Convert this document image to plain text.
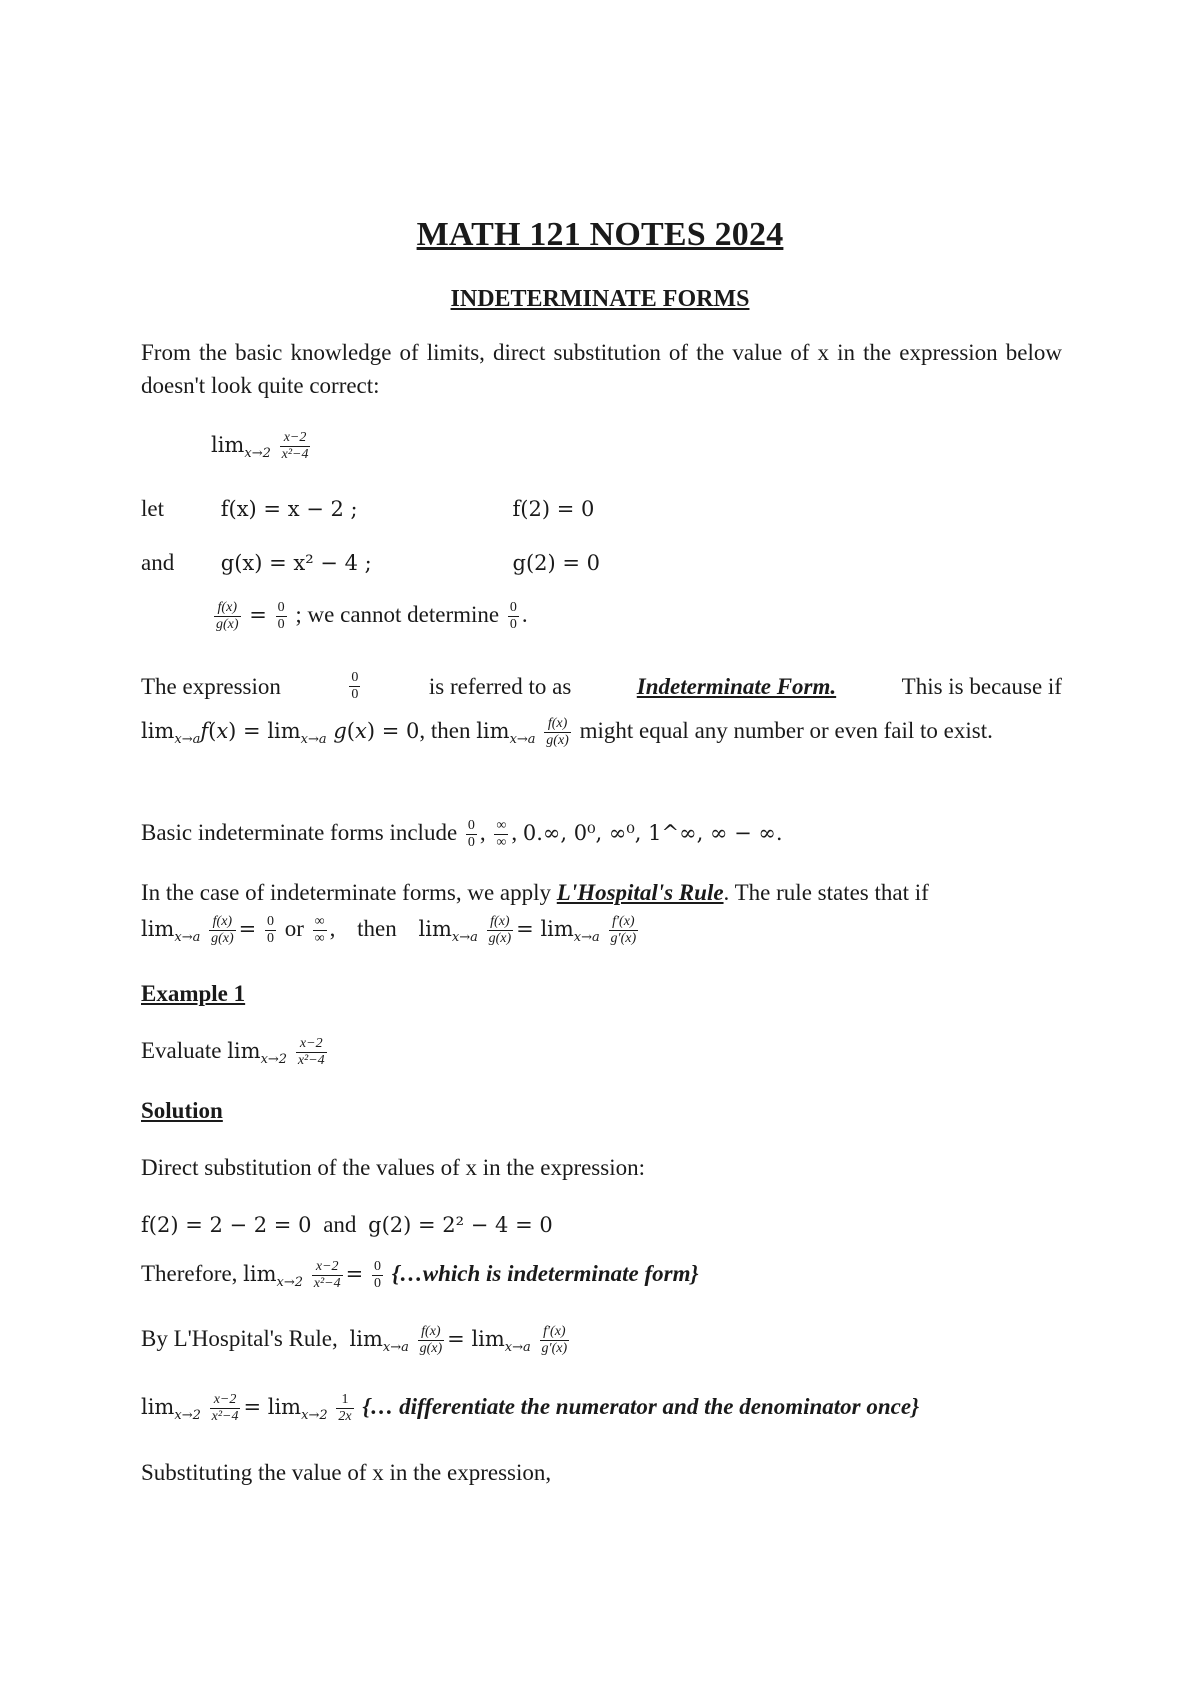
MATH 121 NOTES 2024
INDETERMINATE FORMS
From the basic knowledge of limits, direct substitution of the value of x in the expression below doesn't look quite correct:
$\lim_{x\to 2} \frac{x-2}{\text{x²−4}}$
let	f(x) = x − 2 ;	f(2) = 0
and g(x) = x² − 4 ;	g(2) = 0
$\frac{f(x)}{g(x)} = \frac{0}{0}$ ; we cannot determine $\frac{0}{0}$ .
The expression	$\frac{0}{0}$	is referred to as	Indeterminate Form.	This is because if
$\lim_{x\to a}f(x) = \lim_{x\to a} g(x) = 0$, then $\lim_{x\to a} \frac{f(x)}{g(x)}$ might equal any number or even fail to exist.
Basic indeterminate forms include $\frac{0}{0}$ , $\frac{\infty}{\infty}$ , 0.∞, 0⁰, ∞⁰, 1^∞, ∞ − ∞.
In the case of indeterminate forms, we apply L'Hospital's Rule. The rule states that if
$\lim_{x\to a} \frac{f(x)}{g(x)} = \frac{0}{0}$ or $\frac{\infty}{\infty}$ , then $\lim_{x\to a} \frac{f(x)}{g(x)} = \lim_{x\to a} \frac{f'(x)}{g'(x)}$
Example 1
Evaluate $\lim_{x\to 2} \frac{x-2}{\text{x²−4}}$
Solution
Direct substitution of the values of x in the expression:
f(2) = 2 − 2 = 0 and g(2) = 2² − 4 = 0
Therefore, $\lim_{x\to 2} \frac{x-2}{\text{x²−4}} = \frac{0}{0}$ {…which is indeterminate form}
By L'Hospital's Rule, $\lim_{x\to a} \frac{f(x)}{g(x)} = \lim_{x\to a} \frac{f'(x)}{g'(x)}$
$\lim_{x\to 2} \frac{x-2}{\text{x²−4}} = \lim_{x\to 2} \frac{1}{2x}$ {… differentiate the numerator and the denominator once}
Substituting the value of x in the expression,
